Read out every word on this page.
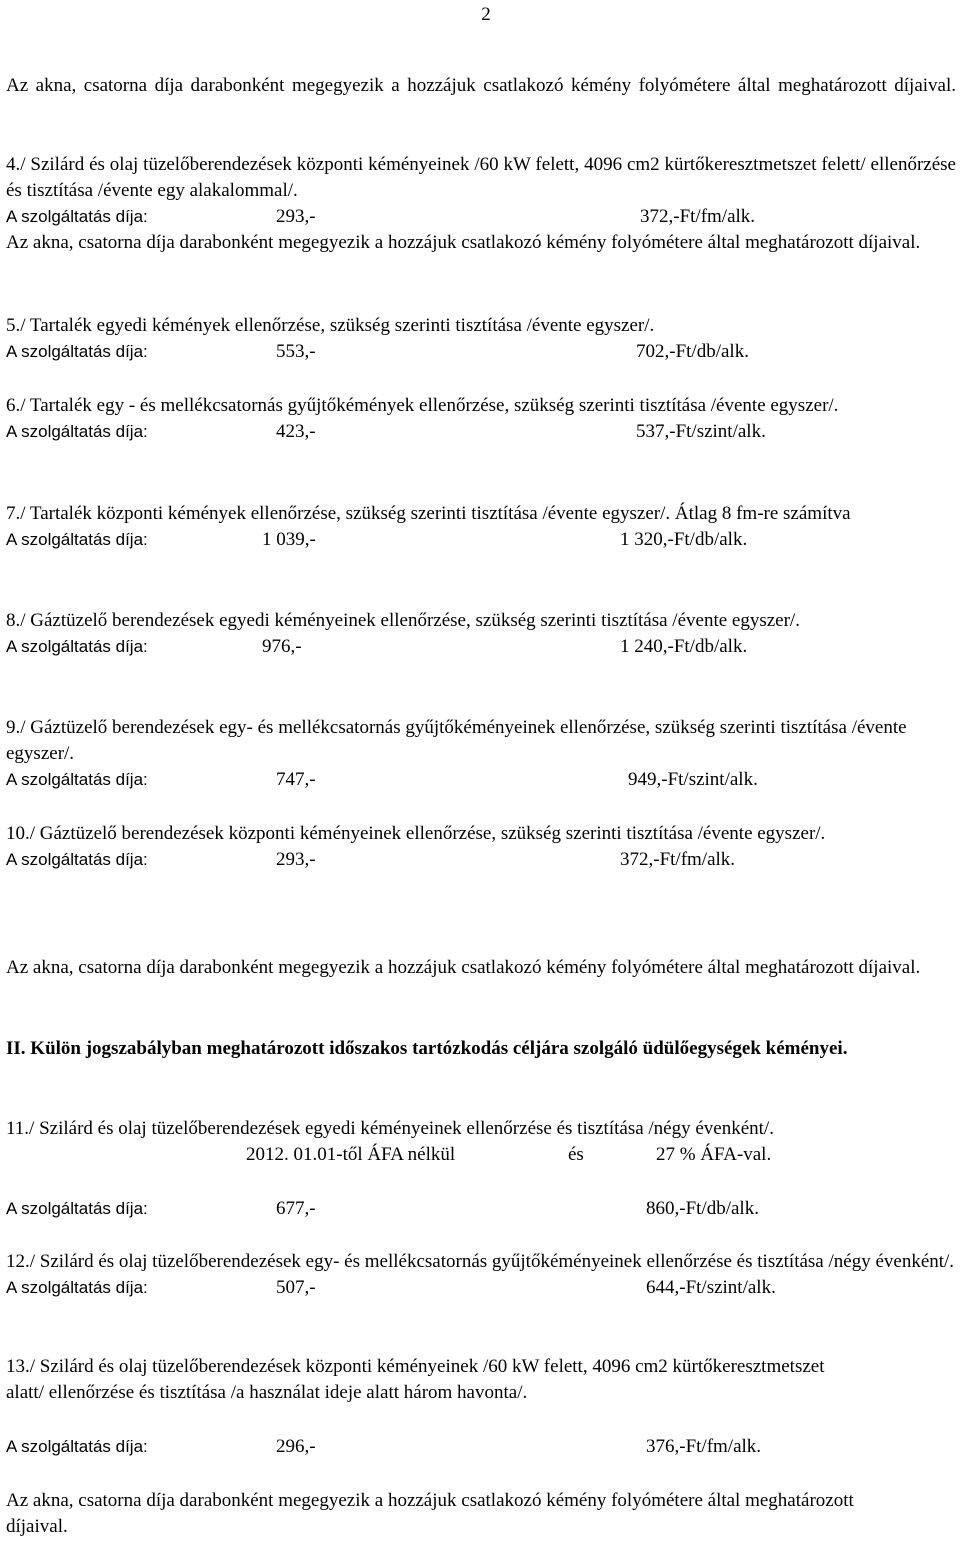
2

Az akna, csatorna díja darabonként megegyezik a hozzájuk csatlakozó kémény folyómétere által meghatározott díjaival.

4./ Szilárd és olaj tüzelőberendezések központi kéményeinek /60 kW felett, 4096 cm2 kürtőkeresztmetszet felett/ ellenőrzése és tisztítása /évente egy alakalommal/.

A szolgáltatás díja:	293,-	372,-Ft/fm/alk.

Az akna, csatorna díja darabonként megegyezik a hozzájuk csatlakozó kémény folyómétere által meghatározott díjaival.

5./ Tartalék egyedi kémények ellenőrzése, szükség szerinti tisztítása /évente egyszer/.

A szolgáltatás díja:	553,-	702,-Ft/db/alk.

6./ Tartalék egy - és mellékcsatornás gyűjtőkémények ellenőrzése, szükség szerinti tisztítása /évente egyszer/.

A szolgáltatás díja:	423,-	537,-Ft/szint/alk.

7./ Tartalék központi kémények ellenőrzése, szükség szerinti tisztítása /évente egyszer/. Átlag 8 fm-re számítva

A szolgáltatás díja:	1 039,-	1 320,-Ft/db/alk.

8./ Gáztüzelő berendezések egyedi kéményeinek ellenőrzése, szükség szerinti tisztítása /évente egyszer/.

A szolgáltatás díja:	976,-	1 240,-Ft/db/alk.

9./ Gáztüzelő berendezések egy- és mellékcsatornás gyűjtőkéményeinek ellenőrzése, szükség szerinti tisztítása /évente egyszer/.

A szolgáltatás díja:	747,-	949,-Ft/szint/alk.

10./ Gáztüzelő berendezések központi kéményeinek ellenőrzése, szükség szerinti tisztítása /évente egyszer/.

A szolgáltatás díja:	293,-	372,-Ft/fm/alk.

Az akna, csatorna díja darabonként megegyezik a hozzájuk csatlakozó kémény folyómétere által meghatározott díjaival.

II. Külön jogszabályban meghatározott időszakos tartózkodás céljára szolgáló üdülőegységek kéményei.

11./ Szilárd és olaj tüzelőberendezések egyedi kéményeinek ellenőrzése és tisztítása /négy évenként/.

2012. 01.01-től ÁFA nélkül	és	27 % ÁFA-val.
A szolgáltatás díja:	677,-	860,-Ft/db/alk.

12./ Szilárd és olaj tüzelőberendezések egy- és mellékcsatornás gyűjtőkéményeinek ellenőrzése és tisztítása /négy évenként/.

A szolgáltatás díja:	507,-	644,-Ft/szint/alk.

13./ Szilárd és olaj tüzelőberendezések központi kéményeinek /60 kW felett, 4096 cm2 kürtőkeresztmetszet alatt/ ellenőrzése és tisztítása /a használat ideje alatt három havonta/.

A szolgáltatás díja:	296,-	376,-Ft/fm/alk.

Az akna, csatorna díja darabonként megegyezik a hozzájuk csatlakozó kémény folyómétere által meghatározott díjaival.
